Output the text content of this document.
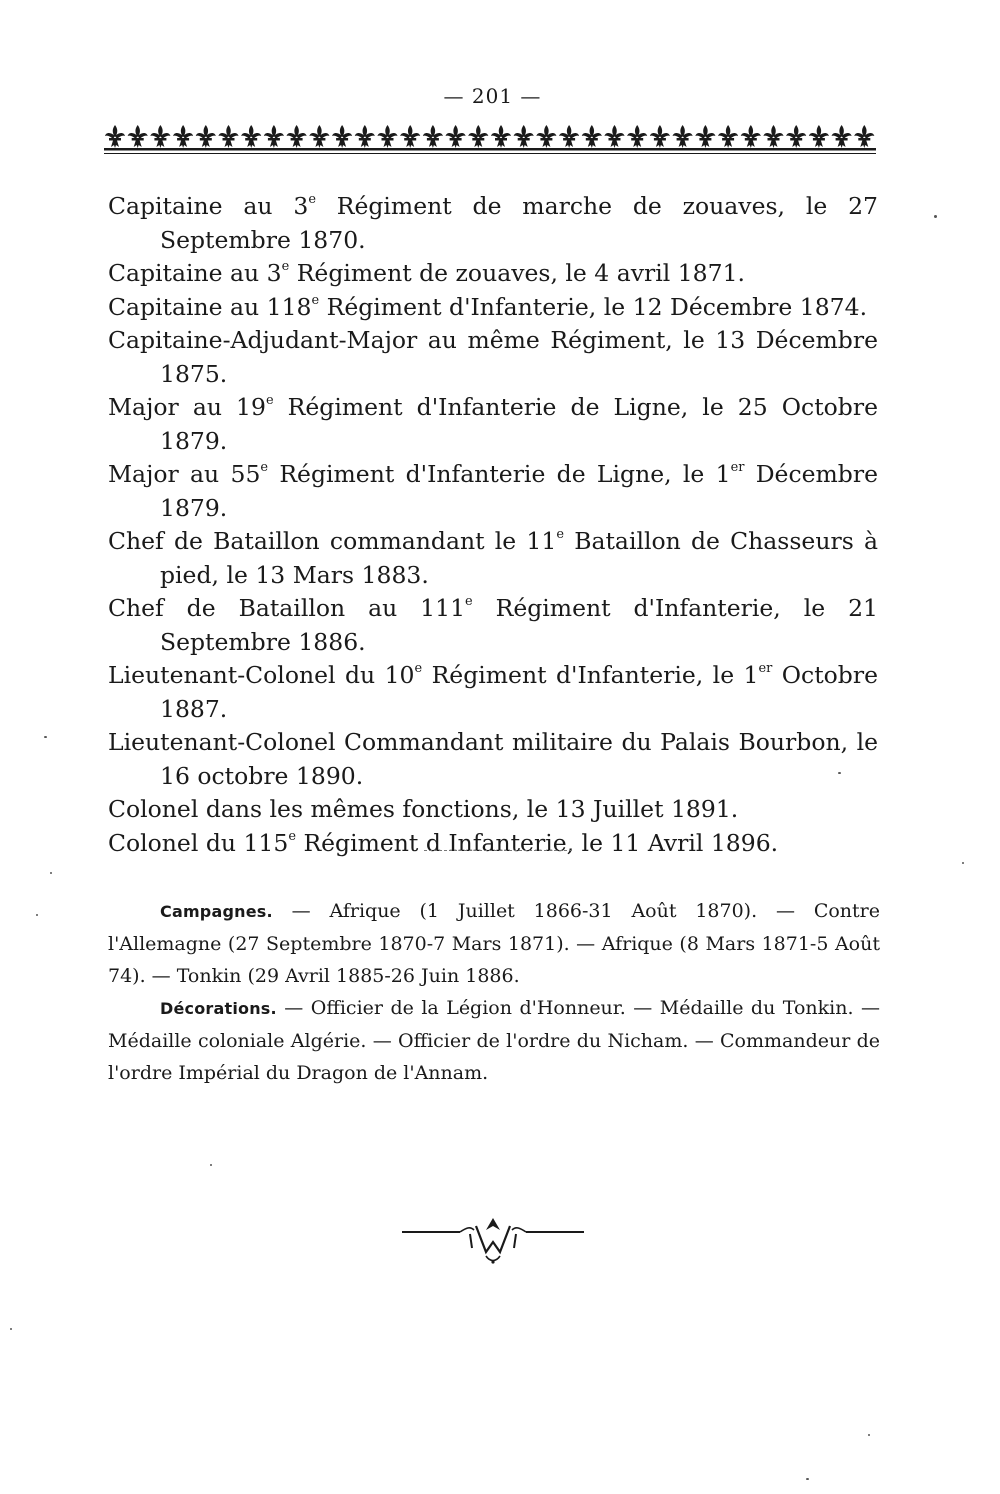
— 201 —

Capitaine au 3e Régiment de marche de zouaves, le 27 Septembre 1870.

Capitaine au 3e Régiment de zouaves, le 4 avril 1871.

Capitaine au 118e Régiment d'Infanterie, le 12 Décembre 1874.

Capitaine-Adjudant-Major au même Régiment, le 13 Décembre 1875.

Major au 19e Régiment d'Infanterie de Ligne, le 25 Octobre 1879.

Major au 55e Régiment d'Infanterie de Ligne, le 1er Décembre 1879.

Chef de Bataillon commandant le 11e Bataillon de Chasseurs à pied, le 13 Mars 1883.

Chef de Bataillon au 111e Régiment d'Infanterie, le 21 Septembre 1886.

Lieutenant-Colonel du 10e Régiment d'Infanterie, le 1er Octobre 1887.

Lieutenant-Colonel Commandant militaire du Palais Bourbon, le 16 octobre 1890.

Colonel dans les mêmes fonctions, le 13 Juillet 1891.

Colonel du 115e Régiment d Infanterie, le 11 Avril 1896.

Campagnes. — Afrique (1 Juillet 1866-31 Août 1870). — Contre l'Allemagne (27 Septembre 1870-7 Mars 1871). — Afrique (8 Mars 1871-5 Août 74). — Tonkin (29 Avril 1885-26 Juin 1886.

Décorations. — Officier de la Légion d'Honneur. — Médaille du Tonkin. — Médaille coloniale Algérie. — Officier de l'ordre du Nicham. — Commandeur de l'ordre Impérial du Dragon de l'Annam.
